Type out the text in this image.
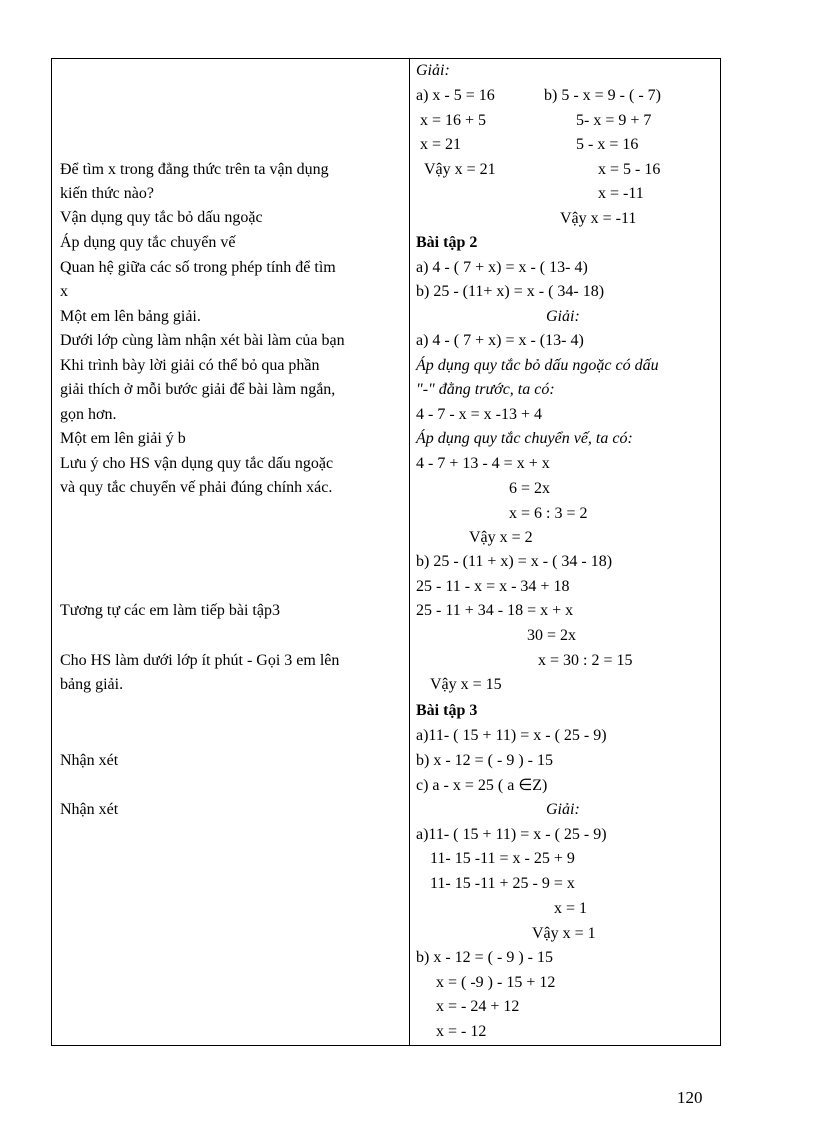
Để tìm x trong đẳng thức trên ta vận dụng
kiến thức nào?
Vận dụng quy tắc bỏ dấu ngoặc
Áp dụng quy tắc chuyển vế
Quan hệ giữa các số trong phép tính để tìm
x
Một em lên bảng giải.
Dưới lớp cùng làm nhận xét bài làm của bạn
Khi trình bày lời giải có thể bỏ qua phần
giải thích ở mỗi bước giải để bài làm ngắn,
gọn hơn.
Một em lên giải ý b
Lưu ý cho HS vận dụng quy tắc dấu ngoặc
và quy tắc chuyển vế phải đúng chính xác.
Tương tự các em làm tiếp bài tập3
Cho HS làm dưới lớp ít phút - Gọi 3 em lên
bảng giải.
Nhận xét
Nhận xét
Giải:
a) x - 5 = 16	b) 5 - x = 9 - ( - 7)
x = 16 + 5	5- x = 9 + 7
x = 21	5 - x = 16
Vậy x = 21	x = 5 - 16
x = -11
Vậy x = -11
Bài tập 2
a) 4 - ( 7 + x) = x - ( 13- 4)
b) 25 - (11+ x) = x - ( 34- 18)
Giải:
a) 4 - ( 7 + x) = x - (13- 4)
Áp dụng quy tắc bỏ dấu ngoặc có dấu
"-" đằng trước, ta có:
4 - 7 - x = x -13 + 4
Áp dụng quy tắc chuyển vế, ta có:
4 - 7 + 13 - 4 = x + x
6 = 2x
x = 6 : 3 = 2
Vậy x = 2
b) 25 - (11 + x) = x - ( 34 - 18)
25 - 11 - x = x - 34 + 18
25 - 11 + 34 - 18 = x + x
30 = 2x
x = 30 : 2 = 15
Vậy x = 15
Bài tập 3
a)11- ( 15 + 11) = x - ( 25 - 9)
b) x - 12 = ( - 9 ) - 15
c) a - x = 25 ( a ∈Z)
Giải:
a)11- ( 15 + 11) = x - ( 25 - 9)
11- 15 -11 = x - 25 + 9
11- 15 -11 + 25 - 9 = x
x = 1
Vậy x = 1
b) x - 12 = ( - 9 ) - 15
x = ( -9 ) - 15 + 12
x = - 24 + 12
x = - 12
120
